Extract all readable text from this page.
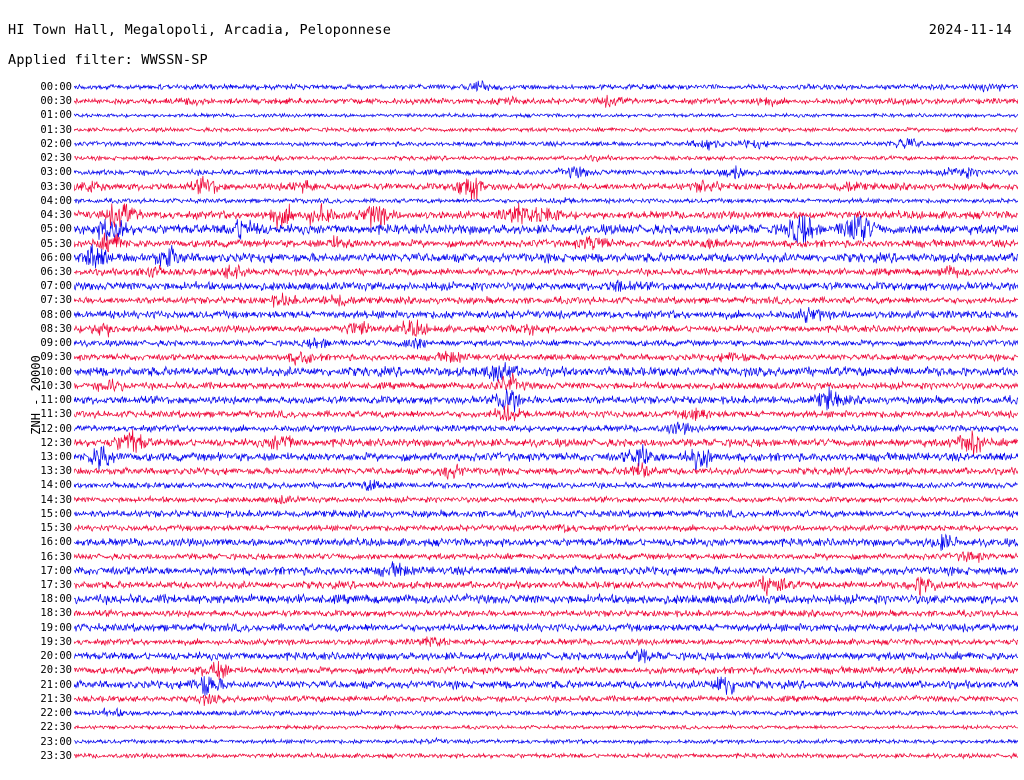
HI Town Hall, Megalopoli, Arcadia, Peloponnese	2024-11-14
Applied filter: WWSSN-SP
ZNH - 20000
00:00
00:30
01:00
01:30
02:00
02:30
03:00
03:30
04:00
04:30
05:00
05:30
06:00
06:30
07:00
07:30
08:00
08:30
09:00
09:30
10:00
10:30
11:00
11:30
12:00
12:30
13:00
13:30
14:00
14:30
15:00
15:30
16:00
16:30
17:00
17:30
18:00
18:30
19:00
19:30
20:00
20:30
21:00
21:30
22:00
22:30
23:00
23:30
